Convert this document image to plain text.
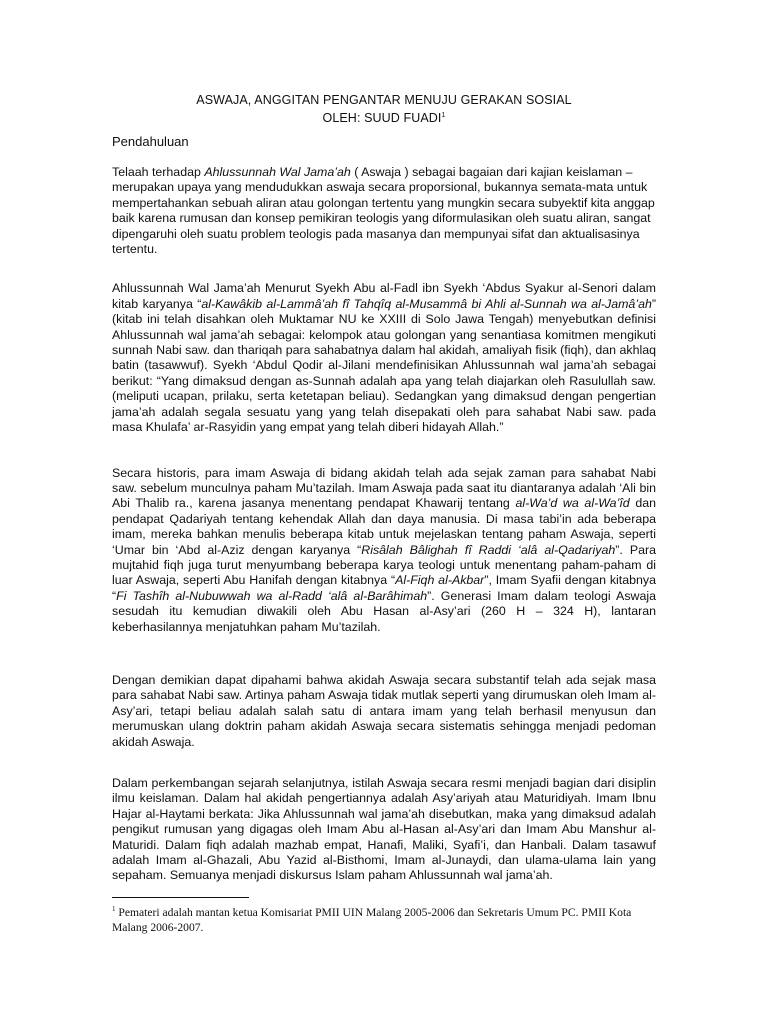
ASWAJA, ANGGITAN PENGANTAR MENUJU GERAKAN SOSIAL
OLEH: SUUD FUADI$^1$
Pendahuluan

Telaah terhadap Ahlussunnah Wal Jama’ah ( Aswaja ) sebagai bagaian dari kajian keislaman – merupakan upaya yang mendudukkan aswaja secara proporsional, bukannya semata-mata untuk mempertahankan sebuah aliran atau golongan tertentu yang mungkin secara subyektif kita anggap baik karena rumusan dan konsep pemikiran teologis yang diformulasikan oleh suatu aliran, sangat dipengaruhi oleh suatu problem teologis pada masanya dan mempunyai sifat dan aktualisasinya tertentu.

Ahlussunnah Wal Jama’ah Menurut Syekh Abu al-Fadl ibn Syekh ‘Abdus Syakur al-Senori dalam kitab karyanya “al-Kawâkib al-Lammâ’ah fî Tahqîq al-Musammâ bi Ahli al-Sunnah wa al-Jamâ’ah” (kitab ini telah disahkan oleh Muktamar NU ke XXIII di Solo Jawa Tengah) menyebutkan definisi Ahlussunnah wal jama’ah sebagai: kelompok atau golongan yang senantiasa komitmen mengikuti sunnah Nabi saw. dan thariqah para sahabatnya dalam hal akidah, amaliyah fisik (fiqh), dan akhlaq batin (tasawwuf). Syekh ‘Abdul Qodir al-Jilani mendefinisikan Ahlussunnah wal jama’ah sebagai berikut: “Yang dimaksud dengan as-Sunnah adalah apa yang telah diajarkan oleh Rasulullah saw. (meliputi ucapan, prilaku, serta ketetapan beliau). Sedangkan yang dimaksud dengan pengertian jama’ah adalah segala sesuatu yang yang telah disepakati oleh para sahabat Nabi saw. pada masa Khulafa’ ar-Rasyidin yang empat yang telah diberi hidayah Allah.”

Secara historis, para imam Aswaja di bidang akidah telah ada sejak zaman para sahabat Nabi saw. sebelum munculnya paham Mu’tazilah. Imam Aswaja pada saat itu diantaranya adalah ‘Ali bin Abi Thalib ra., karena jasanya menentang pendapat Khawarij tentang al-Wa’d wa al-Wa’îd dan pendapat Qadariyah tentang kehendak Allah dan daya manusia. Di masa tabi’in ada beberapa imam, mereka bahkan menulis beberapa kitab untuk mejelaskan tentang paham Aswaja, seperti ‘Umar bin ‘Abd al-Aziz dengan karyanya “Risâlah Bâlighah fî Raddi ‘alâ al-Qadariyah”. Para mujtahid fiqh juga turut menyumbang beberapa karya teologi untuk menentang paham-paham di luar Aswaja, seperti Abu Hanifah dengan kitabnya “Al-Fiqh al-Akbar”, Imam Syafii dengan kitabnya “Fi Tashîh al-Nubuwwah wa al-Radd ‘alâ al-Barâhimah”. Generasi Imam dalam teologi Aswaja sesudah itu kemudian diwakili oleh Abu Hasan al-Asy’ari (260 H – 324 H), lantaran keberhasilannya menjatuhkan paham Mu’tazilah.

Dengan demikian dapat dipahami bahwa akidah Aswaja secara substantif telah ada sejak masa para sahabat Nabi saw. Artinya paham Aswaja tidak mutlak seperti yang dirumuskan oleh Imam al-Asy’ari, tetapi beliau adalah salah satu di antara imam yang telah berhasil menyusun dan merumuskan ulang doktrin paham akidah Aswaja secara sistematis sehingga menjadi pedoman akidah Aswaja.

Dalam perkembangan sejarah selanjutnya, istilah Aswaja secara resmi menjadi bagian dari disiplin ilmu keislaman. Dalam hal akidah pengertiannya adalah Asy’ariyah atau Maturidiyah. Imam Ibnu Hajar al-Haytami berkata: Jika Ahlussunnah wal jama’ah disebutkan, maka yang dimaksud adalah pengikut rumusan yang digagas oleh Imam Abu al-Hasan al-Asy’ari dan Imam Abu Manshur al-Maturidi. Dalam fiqh adalah mazhab empat, Hanafi, Maliki, Syafi’i, dan Hanbali. Dalam tasawuf adalah Imam al-Ghazali, Abu Yazid al-Bisthomi, Imam al-Junaydi, dan ulama-ulama lain yang sepaham. Semuanya menjadi diskursus Islam paham Ahlussunnah wal jama’ah.

$^1$ Pemateri adalah mantan ketua Komisariat PMII UIN Malang 2005-2006 dan Sekretaris Umum PC. PMII Kota Malang 2006-2007.
